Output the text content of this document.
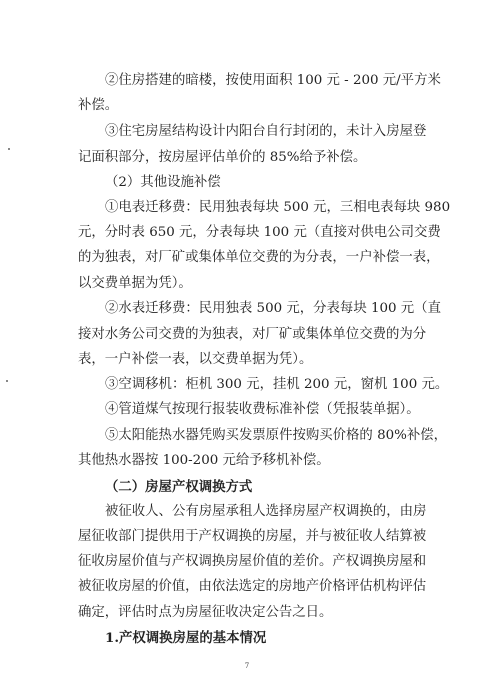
②住房搭建的暗楼，按使用面积 100 元 - 200 元/平方米
补偿。
③住宅房屋结构设计内阳台自行封闭的，未计入房屋登
记面积部分，按房屋评估单价的 85%给予补偿。
（2）其他设施补偿
①电表迁移费：民用独表每块 500 元，三相电表每块 980
元，分时表 650 元，分表每块 100 元（直接对供电公司交费
的为独表，对厂矿或集体单位交费的为分表，一户补偿一表，
以交费单据为凭）。
②水表迁移费：民用独表 500 元，分表每块 100 元（直
接对水务公司交费的为独表，对厂矿或集体单位交费的为分
表，一户补偿一表，以交费单据为凭）。
③空调移机：柜机 300 元，挂机 200 元，窗机 100 元。
④管道煤气按现行报装收费标准补偿（凭报装单据）。
⑤太阳能热水器凭购买发票原件按购买价格的 80%补偿，
其他热水器按 100-200 元给予移机补偿。
（二）房屋产权调换方式
被征收人、公有房屋承租人选择房屋产权调换的，由房
屋征收部门提供用于产权调换的房屋，并与被征收人结算被
征收房屋价值与产权调换房屋价值的差价。产权调换房屋和
被征收房屋的价值，由依法选定的房地产价格评估机构评估
确定，评估时点为房屋征收决定公告之日。
1.产权调换房屋的基本情况
7
